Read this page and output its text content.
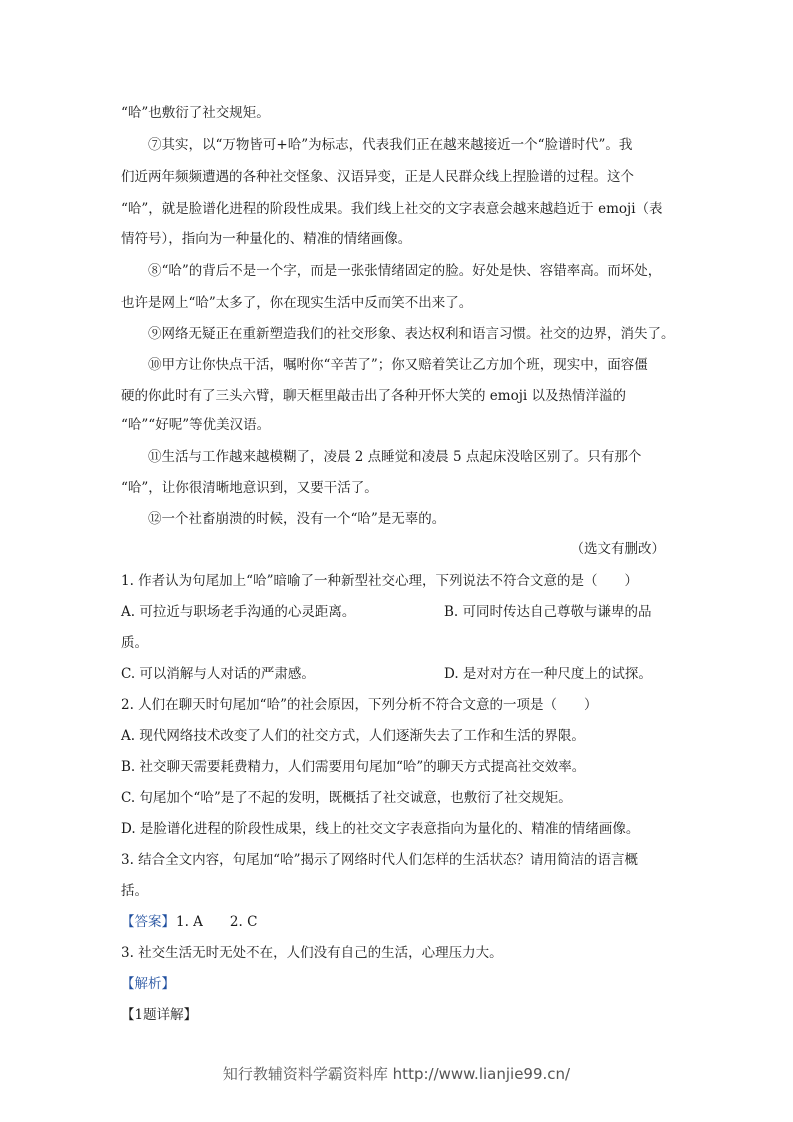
“哈”也敷衍了社交规矩。
⑦其实，以“万物皆可+哈”为标志，代表我们正在越来越接近一个“脸谱时代”。我
们近两年频频遭遇的各种社交怪象、汉语异变，正是人民群众线上捏脸谱的过程。这个
“哈”，就是脸谱化进程的阶段性成果。我们线上社交的文字表意会越来越趋近于 emoji（表
情符号），指向为一种量化的、精准的情绪画像。
⑧“哈”的背后不是一个字，而是一张张情绪固定的脸。好处是快、容错率高。而坏处，
也许是网上“哈”太多了，你在现实生活中反而笑不出来了。
⑨网络无疑正在重新塑造我们的社交形象、表达权利和语言习惯。社交的边界，消失了。
⑩甲方让你快点干活，嘱咐你“辛苦了”；你又赔着笑让乙方加个班，现实中，面容僵
硬的你此时有了三头六臂，聊天框里敲击出了各种开怀大笑的 emoji 以及热情洋溢的
“哈”“好呢”等优美汉语。
⑪生活与工作越来越模糊了，凌晨 2 点睡觉和凌晨 5 点起床没啥区别了。只有那个
“哈”，让你很清晰地意识到，又要干活了。
⑫一个社畜崩溃的时候，没有一个“哈”是无辜的。
（选文有删改）
1. 作者认为句尾加上“哈”暗喻了一种新型社交心理，下列说法不符合文意的是（　　）
A. 可拉近与职场老手沟通的心灵距离。	B. 可同时传达自己尊敬与谦卑的品
质。
C. 可以消解与人对话的严肃感。	D. 是对对方在一种尺度上的试探。
2. 人们在聊天时句尾加“哈”的社会原因，下列分析不符合文意的一项是（　　）
A. 现代网络技术改变了人们的社交方式，人们逐渐失去了工作和生活的界限。
B. 社交聊天需要耗费精力，人们需要用句尾加“哈”的聊天方式提高社交效率。
C. 句尾加个“哈”是了不起的发明，既概括了社交诚意，也敷衍了社交规矩。
D. 是脸谱化进程的阶段性成果，线上的社交文字表意指向为量化的、精准的情绪画像。
3. 结合全文内容，句尾加“哈”揭示了网络时代人们怎样的生活状态？请用简洁的语言概
括。
【答案】 1. A　　2. C
3. 社交生活无时无处不在，人们没有自己的生活，心理压力大。
【解析】
【1题详解】
知行教辅资料学霸资料库 http://www.lianjie99.cn/
